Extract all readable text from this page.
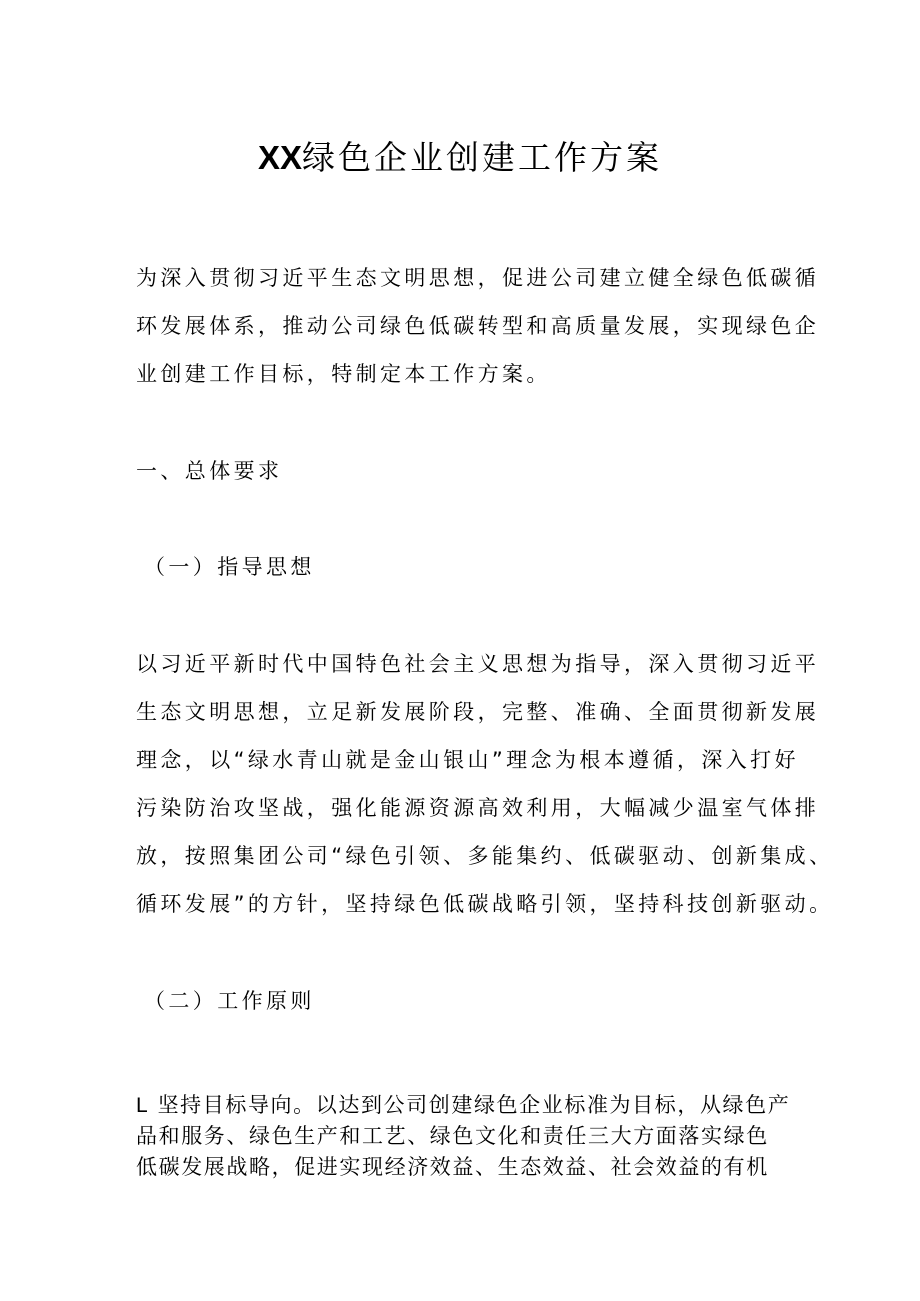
XX绿色企业创建工作方案
为深入贯彻习近平生态文明思想，促进公司建立健全绿色低碳循
环发展体系，推动公司绿色低碳转型和高质量发展，实现绿色企
业创建工作目标，特制定本工作方案。
一、总体要求
（一）指导思想
以习近平新时代中国特色社会主义思想为指导，深入贯彻习近平
生态文明思想，立足新发展阶段，完整、准确、全面贯彻新发展
理念，以“绿水青山就是金山银山”理念为根本遵循，深入打好
污染防治攻坚战，强化能源资源高效利用，大幅减少温室气体排
放，按照集团公司“绿色引领、多能集约、低碳驱动、创新集成、
循环发展”的方针，坚持绿色低碳战略引领，坚持科技创新驱动。
（二）工作原则
L 坚持目标导向。以达到公司创建绿色企业标准为目标，从绿色产
品和服务、绿色生产和工艺、绿色文化和责任三大方面落实绿色
低碳发展战略，促进实现经济效益、生态效益、社会效益的有机
